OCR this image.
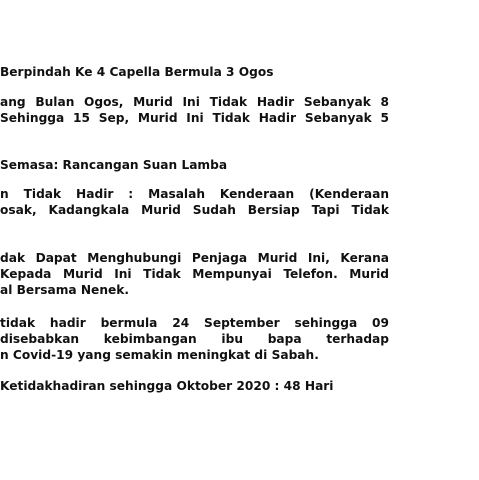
Berpindah Ke 4 Capella Bermula 3 Ogos
ang Bulan Ogos, Murid Ini Tidak Hadir Sebanyak 8
Sehingga 15 Sep, Murid Ini Tidak Hadir Sebanyak 5
Semasa: Rancangan Suan Lamba
n Tidak Hadir : Masalah Kenderaan (Kenderaan
osak, Kadangkala Murid Sudah Bersiap Tapi Tidak
dak Dapat Menghubungi Penjaga Murid Ini, Kerana
Kepada Murid Ini Tidak Mempunyai Telefon. Murid
al Bersama Nenek.
tidak hadir bermula 24 September sehingga 09
disebabkan kebimbangan ibu bapa terhadap
n Covid-19 yang semakin meningkat di Sabah.
Ketidakhadiran sehingga Oktober 2020 : 48 Hari
